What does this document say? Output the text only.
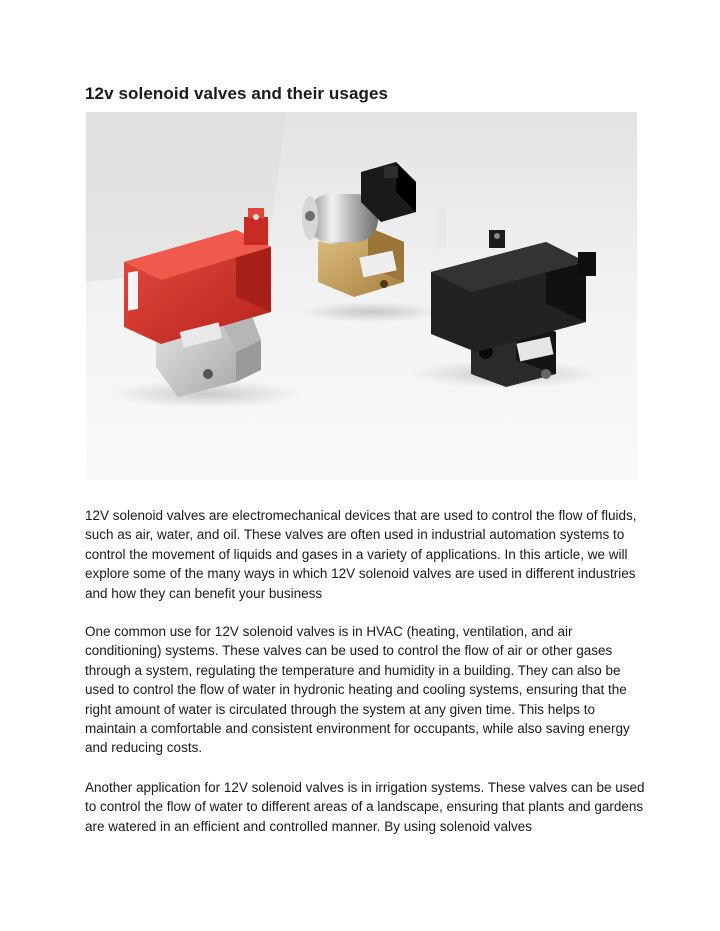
12v solenoid valves and their usages

12V solenoid valves are electromechanical devices that are used to control the flow of fluids, such as air, water, and oil. These valves are often used in industrial automation systems to control the movement of liquids and gases in a variety of applications. In this article, we will explore some of the many ways in which 12V solenoid valves are used in different industries and how they can benefit your business

One common use for 12V solenoid valves is in HVAC (heating, ventilation, and air conditioning) systems. These valves can be used to control the flow of air or other gases through a system, regulating the temperature and humidity in a building. They can also be used to control the flow of water in hydronic heating and cooling systems, ensuring that the right amount of water is circulated through the system at any given time. This helps to maintain a comfortable and consistent environment for occupants, while also saving energy and reducing costs.

Another application for 12V solenoid valves is in irrigation systems. These valves can be used to control the flow of water to different areas of a landscape, ensuring that plants and gardens are watered in an efficient and controlled manner. By using solenoid valves
